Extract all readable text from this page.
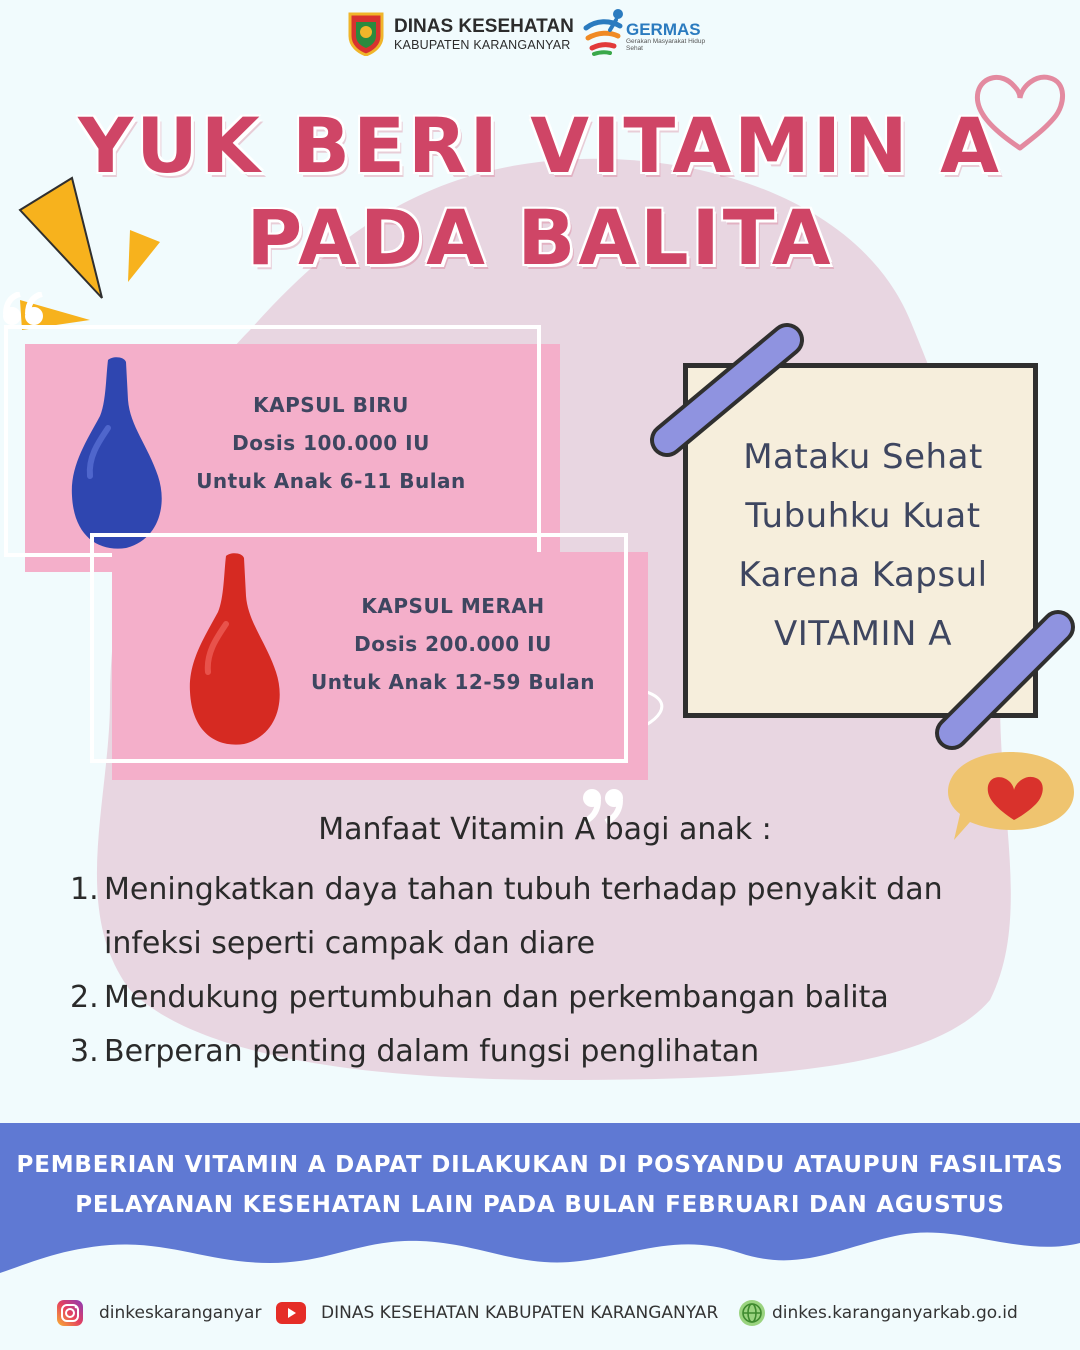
DINAS KESEHATAN
KABUPATEN KARANGANYAR
GERMAS
Gerakan Masyarakat Hidup Sehat
YUK BERI VITAMIN A
PADA BALITA
KAPSUL BIRU
Dosis 100.000 IU
Untuk Anak 6-11 Bulan
KAPSUL MERAH
Dosis 200.000 IU
Untuk Anak 12-59 Bulan
Mataku Sehat
Tubuhku Kuat
Karena Kapsul
VITAMIN A
Manfaat Vitamin A bagi anak :
1. Meningkatkan daya tahan tubuh terhadap penyakit dan infeksi seperti campak dan diare
2. Mendukung pertumbuhan dan perkembangan balita
3. Berperan penting dalam fungsi penglihatan
PEMBERIAN VITAMIN A DAPAT DILAKUKAN DI POSYANDU ATAUPUN FASILITAS
PELAYANAN KESEHATAN LAIN PADA BULAN FEBRUARI DAN AGUSTUS
dinkeskaranganyar	DINAS KESEHATAN KABUPATEN KARANGANYAR	dinkes.karanganyarkab.go.id
